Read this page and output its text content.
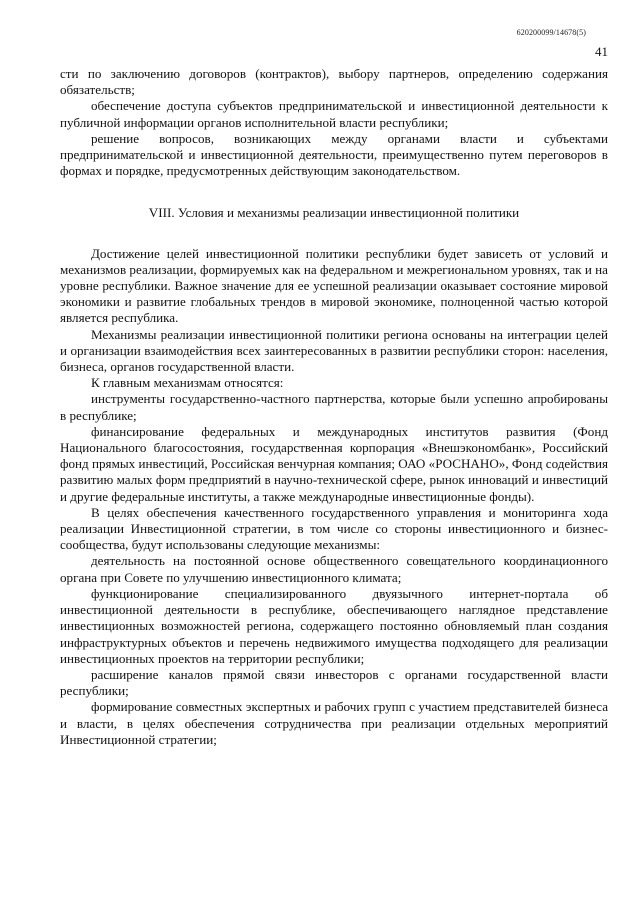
620200099/14678(5)
41

сти по заключению договоров (контрактов), выбору партнеров, определению содержания обязательств;

обеспечение доступа субъектов предпринимательской и инвестиционной деятельности к публичной информации органов исполнительной власти республики;

решение вопросов, возникающих между органами власти и субъектами предпринимательской и инвестиционной деятельности, преимущественно путем переговоров в формах и порядке, предусмотренных действующим законодательством.

VIII. Условия и механизмы реализации инвестиционной политики

Достижение целей инвестиционной политики республики будет зависеть от условий и механизмов реализации, формируемых как на федеральном и межрегиональном уровнях, так и на уровне республики. Важное значение для ее успешной реализации оказывает состояние мировой экономики и развитие глобальных трендов в мировой экономике, полноценной частью которой является республика.

Механизмы реализации инвестиционной политики региона основаны на интеграции целей и организации взаимодействия всех заинтересованных в развитии республики сторон: населения, бизнеса, органов государственной власти.

К главным механизмам относятся:

инструменты государственно-частного партнерства, которые были успешно апробированы в республике;

финансирование федеральных и международных институтов развития (Фонд Национального благосостояния, государственная корпорация «Внешэкономбанк», Российский фонд прямых инвестиций, Российская венчурная компания; ОАО «РОСНАНО», Фонд содействия развитию малых форм предприятий в научно-технической сфере, рынок инноваций и инвестиций и другие федеральные институты, а также международные инвестиционные фонды).

В целях обеспечения качественного государственного управления и мониторинга хода реализации Инвестиционной стратегии, в том числе со стороны инвестиционного и бизнес-сообщества, будут использованы следующие механизмы:

деятельность на постоянной основе общественного совещательного координационного органа при Совете по улучшению инвестиционного климата;

функционирование специализированного двуязычного интернет-портала об инвестиционной деятельности в республике, обеспечивающего наглядное представление инвестиционных возможностей региона, содержащего постоянно обновляемый план создания инфраструктурных объектов и перечень недвижимого имущества подходящего для реализации инвестиционных проектов на территории республики;

расширение каналов прямой связи инвесторов с органами государственной власти республики;

формирование совместных экспертных и рабочих групп с участием представителей бизнеса и власти, в целях обеспечения сотрудничества при реализации отдельных мероприятий Инвестиционной стратегии;
